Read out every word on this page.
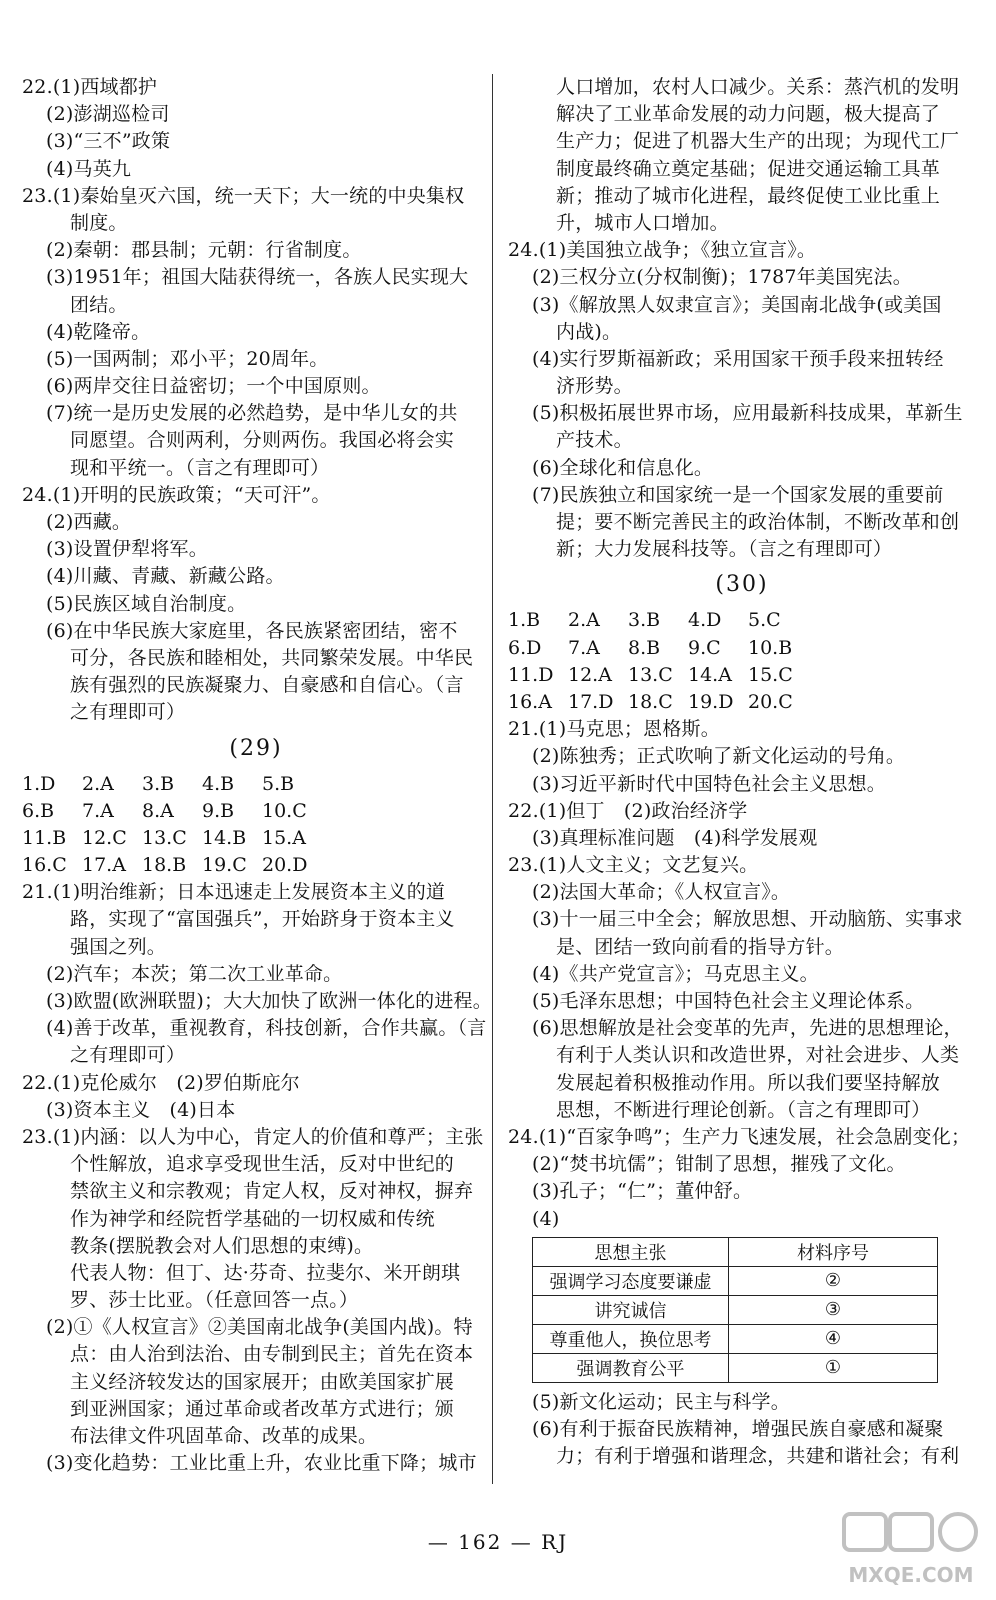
22.(1)西域都护
(2)澎湖巡检司
(3)“三不”政策
(4)马英九
23.(1)秦始皇灭六国，统一天下；大一统的中央集权
制度。
(2)秦朝：郡县制；元朝：行省制度。
(3)1951年；祖国大陆获得统一，各族人民实现大
团结。
(4)乾隆帝。
(5)一国两制；邓小平；20周年。
(6)两岸交往日益密切；一个中国原则。
(7)统一是历史发展的必然趋势，是中华儿女的共
同愿望。合则两利，分则两伤。我国必将会实
现和平统一。（言之有理即可）
24.(1)开明的民族政策；“天可汗”。
(2)西藏。
(3)设置伊犁将军。
(4)川藏、青藏、新藏公路。
(5)民族区域自治制度。
(6)在中华民族大家庭里，各民族紧密团结，密不
可分，各民族和睦相处，共同繁荣发展。中华民
族有强烈的民族凝聚力、自豪感和自信心。（言
之有理即可）
(29)
1.D 2.A 3.B 4.B 5.B
6.B 7.A 8.A 9.B 10.C
11.B 12.C 13.C 14.B 15.A
16.C 17.A 18.B 19.C 20.D
21.(1)明治维新；日本迅速走上发展资本主义的道
路，实现了“富国强兵”，开始跻身于资本主义
强国之列。
(2)汽车；本茨；第二次工业革命。
(3)欧盟(欧洲联盟)；大大加快了欧洲一体化的进程。
(4)善于改革，重视教育，科技创新，合作共赢。（言
之有理即可）
22.(1)克伦威尔　(2)罗伯斯庇尔
(3)资本主义　(4)日本
23.(1)内涵：以人为中心，肯定人的价值和尊严；主张
个性解放，追求享受现世生活，反对中世纪的
禁欲主义和宗教观；肯定人权，反对神权，摒弃
作为神学和经院哲学基础的一切权威和传统
教条(摆脱教会对人们思想的束缚)。
代表人物：但丁、达·芬奇、拉斐尔、米开朗琪
罗、莎士比亚。（任意回答一点。）
(2)①《人权宣言》②美国南北战争(美国内战)。特
点：由人治到法治、由专制到民主；首先在资本
主义经济较发达的国家展开；由欧美国家扩展
到亚洲国家；通过革命或者改革方式进行；颁
布法律文件巩固革命、改革的成果。
(3)变化趋势：工业比重上升，农业比重下降；城市
人口增加，农村人口减少。关系：蒸汽机的发明
解决了工业革命发展的动力问题，极大提高了
生产力；促进了机器大生产的出现；为现代工厂
制度最终确立奠定基础；促进交通运输工具革
新；推动了城市化进程，最终促使工业比重上
升，城市人口增加。
24.(1)美国独立战争；《独立宣言》。
(2)三权分立(分权制衡)；1787年美国宪法。
(3)《解放黑人奴隶宣言》；美国南北战争(或美国
内战)。
(4)实行罗斯福新政；采用国家干预手段来扭转经
济形势。
(5)积极拓展世界市场，应用最新科技成果，革新生
产技术。
(6)全球化和信息化。
(7)民族独立和国家统一是一个国家发展的重要前
提；要不断完善民主的政治体制，不断改革和创
新；大力发展科技等。（言之有理即可）
(30)
1.B 2.A 3.B 4.D 5.C
6.D 7.A 8.B 9.C 10.B
11.D 12.A 13.C 14.A 15.C
16.A 17.D 18.C 19.D 20.C
21.(1)马克思；恩格斯。
(2)陈独秀；正式吹响了新文化运动的号角。
(3)习近平新时代中国特色社会主义思想。
22.(1)但丁　(2)政治经济学
(3)真理标准问题　(4)科学发展观
23.(1)人文主义；文艺复兴。
(2)法国大革命；《人权宣言》。
(3)十一届三中全会；解放思想、开动脑筋、实事求
是、团结一致向前看的指导方针。
(4)《共产党宣言》；马克思主义。
(5)毛泽东思想；中国特色社会主义理论体系。
(6)思想解放是社会变革的先声，先进的思想理论，
有利于人类认识和改造世界，对社会进步、人类
发展起着积极推动作用。所以我们要坚持解放
思想，不断进行理论创新。（言之有理即可）
24.(1)“百家争鸣”；生产力飞速发展，社会急剧变化；
(2)“焚书坑儒”；钳制了思想，摧残了文化。
(3)孔子；“仁”；董仲舒。
(4)
思想主张	材料序号
强调学习态度要谦虚	②
讲究诚信	③
尊重他人，换位思考	④
强调教育公平	①
(5)新文化运动；民主与科学。
(6)有利于振奋民族精神，增强民族自豪感和凝聚
力；有利于增强和谐理念，共建和谐社会；有利
— 162 — RJ
MXQE.COM
